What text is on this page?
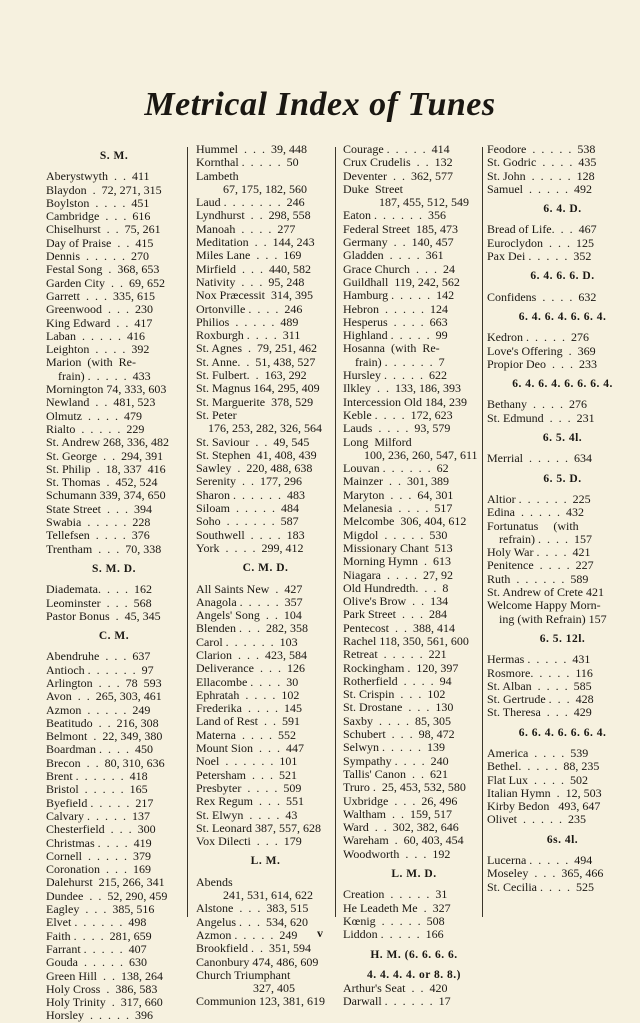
Metrical Index of Tunes
S. M.
Aberystwyth  .  .  411
Blaydon  .  72, 271, 315
Boylston  .  .  .  .  451
Cambridge  .  .  .  616
Chiselhurst  .  .  75, 261
Day of Praise  .  .  415
Dennis  .  .  .  .  .  270
Festal Song  .  368, 653
Garden City  .  .  69, 652
Garrett  .  .  .  335, 615
Greenwood  .  .  .  230
King Edward  .  .  417
Laban  .  .  .  .  .  416
Leighton  .  .  .  .  392
Marion  (with  Re-
frain) .  .  .  .  .  433
Mornington 74, 333, 603
Newland  .  .  481, 523
Olmutz  .  .  .  .  479
Rialto  .  .  .  .  .  229
St. Andrew 268, 336, 482
St. George  .  .  294, 391
St. Philip  .  18, 337  416
St. Thomas  .  452, 524
Schumann 339, 374, 650
State Street  .  .  .  394
Swabia  .  .  .  .  .  228
Tellefsen  .  .  .  .  376
Trentham  .  .  .  70, 338
S. M. D.
Diademata.  .  .  .  162
Leominster  .  .  .  568
Pastor Bonus  .  45, 345
C. M.
Abendruhe  .  .  .  637
Antioch .  .  .  .  .  .  97
Arlington  .  .  .  78  593
Avon  .  .  265, 303, 461
Azmon  .  .  .  .  .  249
Beatitudo  .  .  216, 308
Belmont  .  22, 349, 380
Boardman .  .  .  .  450
Brecon  .  .  80, 310, 636
Brent .  .  .  .  .  .  418
Bristol  .  .  .  .  .  165
Byefield .  .  .  .  .  217
Calvary .  .  .  .  .  137
Chesterfield  .  .  .  300
Christmas .  .  .  .  419
Cornell  .  .  .  .  .  379
Coronation  .  .  .  169
Dalehurst  215, 266, 341
Dundee  .  .  52, 290, 459
Eagley  .  .  .  385, 516
Elvet .  .  .  .  .  .  498
Faith .  .  .  .  281, 659
Farrant .  .  .  .  .  407
Gouda  .  .  .  .  .  630
Green Hill  .  .  138, 264
Holy Cross  .  386, 583
Holy Trinity  .  317, 660
Horsley  .  .  .  .  .  396
Hummel  .  .  .  39, 448
Kornthal .  .  .  .  .  50
Lambeth
67, 175, 182, 560
Laud .  .  .  .  .  .  .  246
Lyndhurst  .  .  298, 558
Manoah  .  .  .  .  277
Meditation  .  .  144, 243
Miles Lane  .  .  .  169
Mirfield  .  .  .  440, 582
Nativity  .  .  .  95, 248
Nox Præcessit  314, 395
Ortonville .  .  .  .  246
Philios  .  .  .  .  .  489
Roxburgh .  .  .  .  311
St. Agnes  .  79, 251, 462
St. Anne.  .  51, 438, 527
St. Fulbert.  .  163, 292
St. Magnus 164, 295, 409
St. Marguerite  378, 529
St. Peter
176, 253, 282, 326, 564
St. Saviour  .  .  49, 545
St. Stephen  41, 408, 439
Sawley  .  220, 488, 638
Serenity  .  .  177, 296
Sharon .  .  .  .  .  .  483
Siloam  .  .  .  .  .  484
Soho  .  .  .  .  .  .  587
Southwell  .  .  .  .  183
York  .  .  .  .  299, 412
C. M. D.
All Saints New  .  427
Anagola .  .  .  .  .  357
Angels' Song  .  .  104
Blenden .  .  .  282, 358
Carol .  .  .  .  .  .  103
Clarion  .  .  .  423, 584
Deliverance  .  .  .  126
Ellacombe .  .  .  .  30
Ephratah  .  .  .  .  102
Frederika  .  .  .  .  145
Land of Rest  .  .  591
Materna  .  .  .  .  552
Mount Sion  .  .  .  447
Noel  .  .  .  .  .  .  101
Petersham  .  .  .  521
Presbyter  .  .  .  .  509
Rex Regum  .  .  .  551
St. Elwyn  .  .  .  .  43
St. Leonard 387, 557, 628
Vox Dilecti  .  .  .  179
L. M.
Abends
241, 531, 614, 622
Alstone  .  .  .  383, 515
Angelus .  .  .  534, 620
Azmon .  .  .  .  .  249
Brookfield .  .  351, 594
Canonbury 474, 486, 609
Church Triumphant
327, 405
Communion 123, 381, 619
Courage .  .  .  .  .  414
Crux Crudelis  .  .  132
Deventer  .  .  362, 577
Duke  Street
187, 455, 512, 549
Eaton .  .  .  .  .  .  356
Federal Street  185, 473
Germany  .  .  140, 457
Gladden  .  .  .  .  361
Grace Church  .  .  .  24
Guildhall  119, 242, 562
Hamburg .  .  .  .  .  142
Hebron  .  .  .  .  .  124
Hesperus  .  .  .  .  663
Highland .  .  .  .  .  99
Hosanna  (with  Re-
frain) .  .  .  .  .  .  7
Hursley .  .  .  .  .  622
Ilkley  .  .  133, 186, 393
Intercession Old 184, 239
Keble .  .  .  .  172, 623
Lauds  .  .  .  .  93, 579
Long  Milford
100, 236, 260, 547, 611
Louvan .  .  .  .  .  .  62
Mainzer  .  .  301, 389
Maryton  .  .  .  64, 301
Melanesia  .  .  .  .  517
Melcombe  306, 404, 612
Migdol  .  .  .  .  .  530
Missionary Chant  513
Morning Hymn  .  613
Niagara  .  .  .  .  27, 92
Old Hundredth.  .  .  8
Olive's Brow  .  .  134
Park Street  .  .  .  284
Pentecost  .  .  388, 414
Rachel 118, 350, 561, 600
Retreat  .  .  .  .  .  221
Rockingham .  120, 397
Rotherfield  .  .  .  .  94
St. Crispin  .  .  .  102
St. Drostane  .  .  .  130
Saxby  .  .  .  .  85, 305
Schubert  .  .  .  98, 472
Selwyn .  .  .  .  .  139
Sympathy .  .  .  .  240
Tallis' Canon  .  .  621
Truro .  25, 453, 532, 580
Uxbridge  .  .  .  26, 496
Waltham  .  .  159, 517
Ward  .  .  302, 382, 646
Wareham  .  60, 403, 454
Woodworth  .  .  .  192
L. M. D.
Creation  .  .  .  .  .  31
He Leadeth Me  .  327
Kœnig  .  .  .  .  .  508
Liddon .  .  .  .  .  166
H. M. (6. 6. 6. 6.
4. 4. 4. 4. or 8. 8.)
Arthur's Seat  .  .  420
Darwall .  .  .  .  .  .  17
Feodore  .  .  .  .  .  538
St. Godric  .  .  .  .  435
St. John  .  .  .  .  .  128
Samuel  .  .  .  .  .  492
6. 4. D.
Bread of Life.  .  .  467
Euroclydon  .  .  .  125
Pax Dei .  .  .  .  .  352
6. 4. 6. 6. D.
Confidens  .  .  .  .  632
6. 4. 6. 4. 6. 6. 4.
Kedron .  .  .  .  .  276
Love's Offering  .  369
Propior Deo  .  .  .  233
6. 4. 6. 4. 6. 6. 6. 4.
Bethany  .  .  .  .  276
St. Edmund  .  .  .  231
6. 5. 4l.
Merrial  .  .  .  .  .  634
6. 5. D.
Altior .  .  .  .  .  .  225
Edina  .  .  .  .  .  432
Fortunatus     (with
refrain) .  .  .  .  157
Holy War .  .  .  .  421
Penitence  .  .  .  .  227
Ruth  .  .  .  .  .  .  589
St. Andrew of Crete 421
Welcome Happy Morn-
ing (with Refrain) 157
6. 5. 12l.
Hermas .  .  .  .  .  431
Rosmore.  .  .  .  .  116
St. Alban  .  .  .  .  585
St. Gertrude .  .  .  428
St. Theresa  .  .  .  429
6. 6. 4. 6. 6. 6. 4.
America  .  .  .  .  539
Bethel.  .  .  .  .  88, 235
Flat Lux  .  .  .  .  502
Italian Hymn  .  12, 503
Kirby Bedon   493, 647
Olivet  .  .  .  .  .  235
6s. 4l.
Lucerna .  .  .  .  .  494
Moseley  .  .  .  365, 466
St. Cecilia .  .  .  .  525
v
